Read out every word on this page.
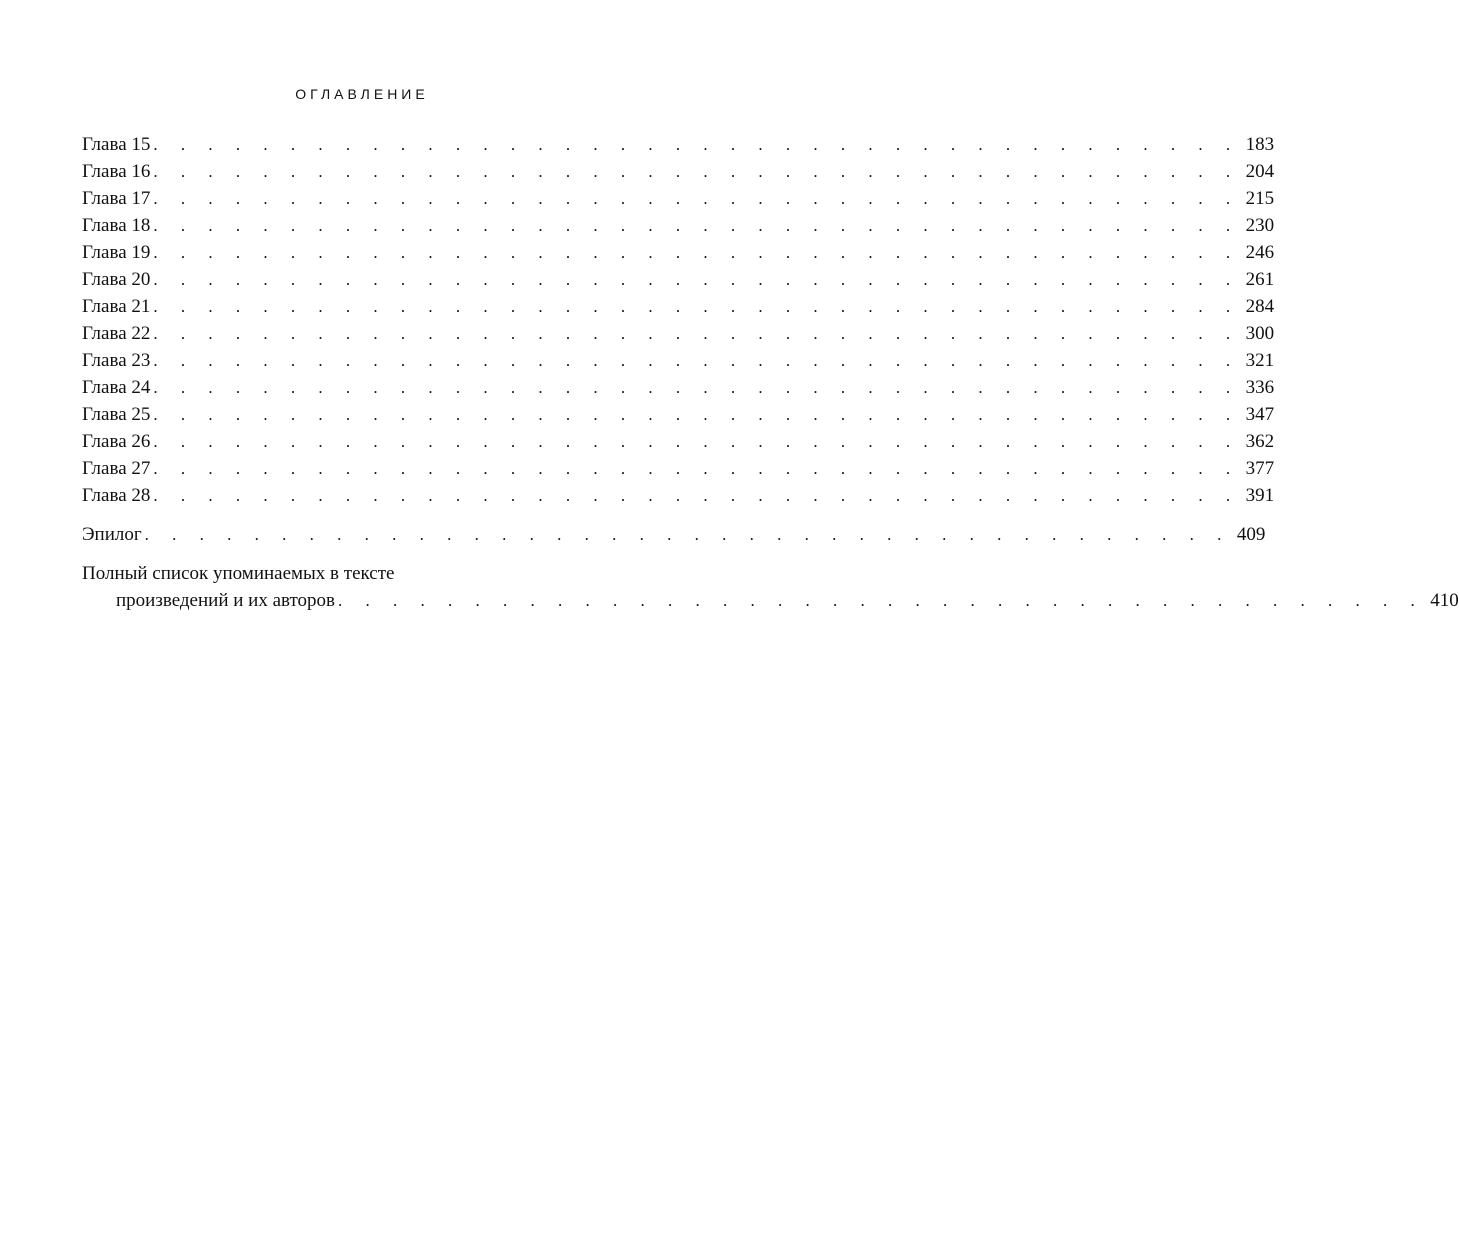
ОГЛАВЛЕНИЕ
Глава 15 . . . . . . . . . . . . . . . . . . . . . . . . . . . . . . . . . . . . . . . . 183
Глава 16 . . . . . . . . . . . . . . . . . . . . . . . . . . . . . . . . . . . . . . . . 204
Глава 17 . . . . . . . . . . . . . . . . . . . . . . . . . . . . . . . . . . . . . . . . 215
Глава 18 . . . . . . . . . . . . . . . . . . . . . . . . . . . . . . . . . . . . . . . . 230
Глава 19 . . . . . . . . . . . . . . . . . . . . . . . . . . . . . . . . . . . . . . . . 246
Глава 20 . . . . . . . . . . . . . . . . . . . . . . . . . . . . . . . . . . . . . . . . 261
Глава 21 . . . . . . . . . . . . . . . . . . . . . . . . . . . . . . . . . . . . . . . . 284
Глава 22 . . . . . . . . . . . . . . . . . . . . . . . . . . . . . . . . . . . . . . . . 300
Глава 23 . . . . . . . . . . . . . . . . . . . . . . . . . . . . . . . . . . . . . . . . 321
Глава 24 . . . . . . . . . . . . . . . . . . . . . . . . . . . . . . . . . . . . . . . . 336
Глава 25 . . . . . . . . . . . . . . . . . . . . . . . . . . . . . . . . . . . . . . . . 347
Глава 26 . . . . . . . . . . . . . . . . . . . . . . . . . . . . . . . . . . . . . . . . 362
Глава 27 . . . . . . . . . . . . . . . . . . . . . . . . . . . . . . . . . . . . . . . . 377
Глава 28 . . . . . . . . . . . . . . . . . . . . . . . . . . . . . . . . . . . . . . . . 391
Эпилог . . . . . . . . . . . . . . . . . . . . . . . . . . . . . . . . . . . . . . . . 409
Полный список упоминаемых в тексте
произведений и их авторов . . . . . . . . . . . . . . . . . . . . . . . . . . . . . . . . . . . . . . . . 410
